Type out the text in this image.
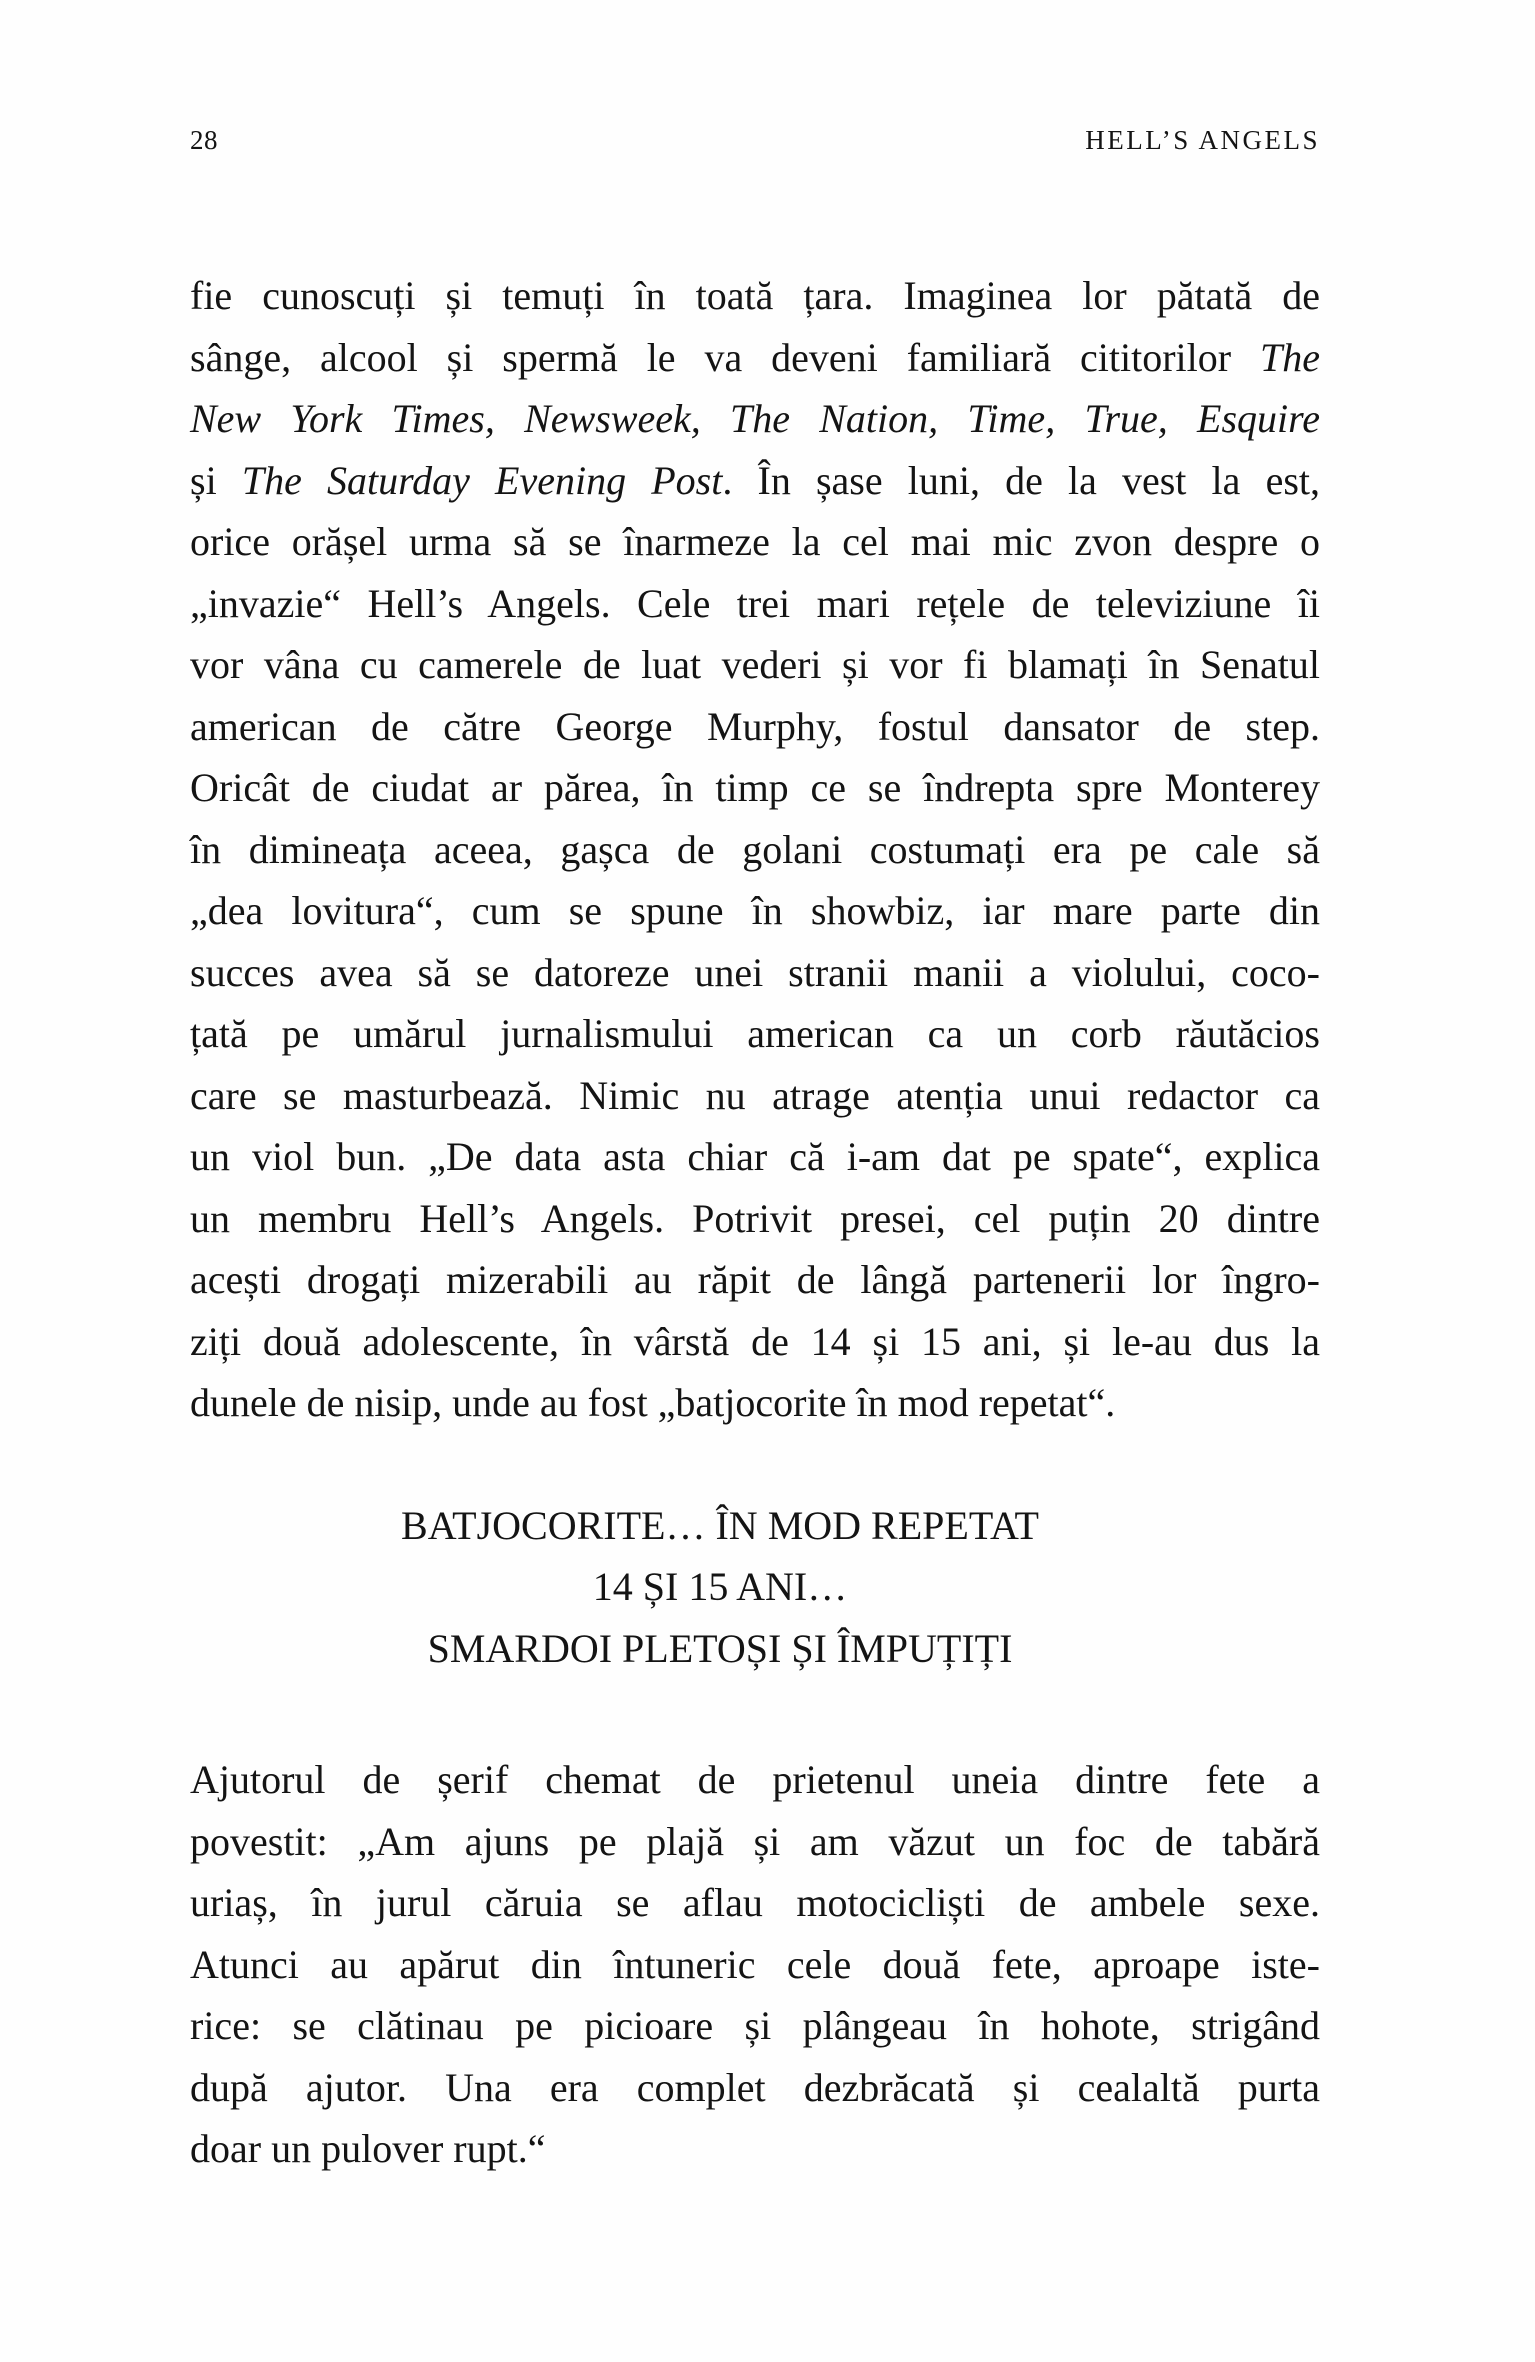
28	HELL’S ANGELS
fie cunoscuți și temuți în toată țara. Imaginea lor pătată de
sânge, alcool și spermă le va deveni familiară cititorilor The
New York Times, Newsweek, The Nation, Time, True, Esquire
și The Saturday Evening Post. În șase luni, de la vest la est,
orice orășel urma să se înarmeze la cel mai mic zvon despre o
„invazie“ Hell’s Angels. Cele trei mari rețele de televiziune îi
vor vâna cu camerele de luat vederi și vor fi blamați în Senatul
american de către George Murphy, fostul dansator de step.
Oricât de ciudat ar părea, în timp ce se îndrepta spre Monterey
în dimineața aceea, gașca de golani costumați era pe cale să
„dea lovitura“, cum se spune în showbiz, iar mare parte din
succes avea să se datoreze unei stranii manii a violului, coco-
țată pe umărul jurnalismului american ca un corb răutăcios
care se masturbează. Nimic nu atrage atenția unui redactor ca
un viol bun. „De data asta chiar că i-am dat pe spate“, explica
un membru Hell’s Angels. Potrivit presei, cel puțin 20 dintre
acești drogați mizerabili au răpit de lângă partenerii lor îngro-
ziți două adolescente, în vârstă de 14 și 15 ani, și le-au dus la
dunele de nisip, unde au fost „batjocorite în mod repetat“.
BATJOCORITE… ÎN MOD REPETAT
14 ȘI 15 ANI…
SMARDOI PLETOȘI ȘI ÎMPUȚIȚI
Ajutorul de șerif chemat de prietenul uneia dintre fete a
povestit: „Am ajuns pe plajă și am văzut un foc de tabără
uriaș, în jurul căruia se aflau motocicliști de ambele sexe.
Atunci au apărut din întuneric cele două fete, aproape iste-
rice: se clătinau pe picioare și plângeau în hohote, strigând
după ajutor. Una era complet dezbrăcată și cealaltă purta
doar un pulover rupt.“
